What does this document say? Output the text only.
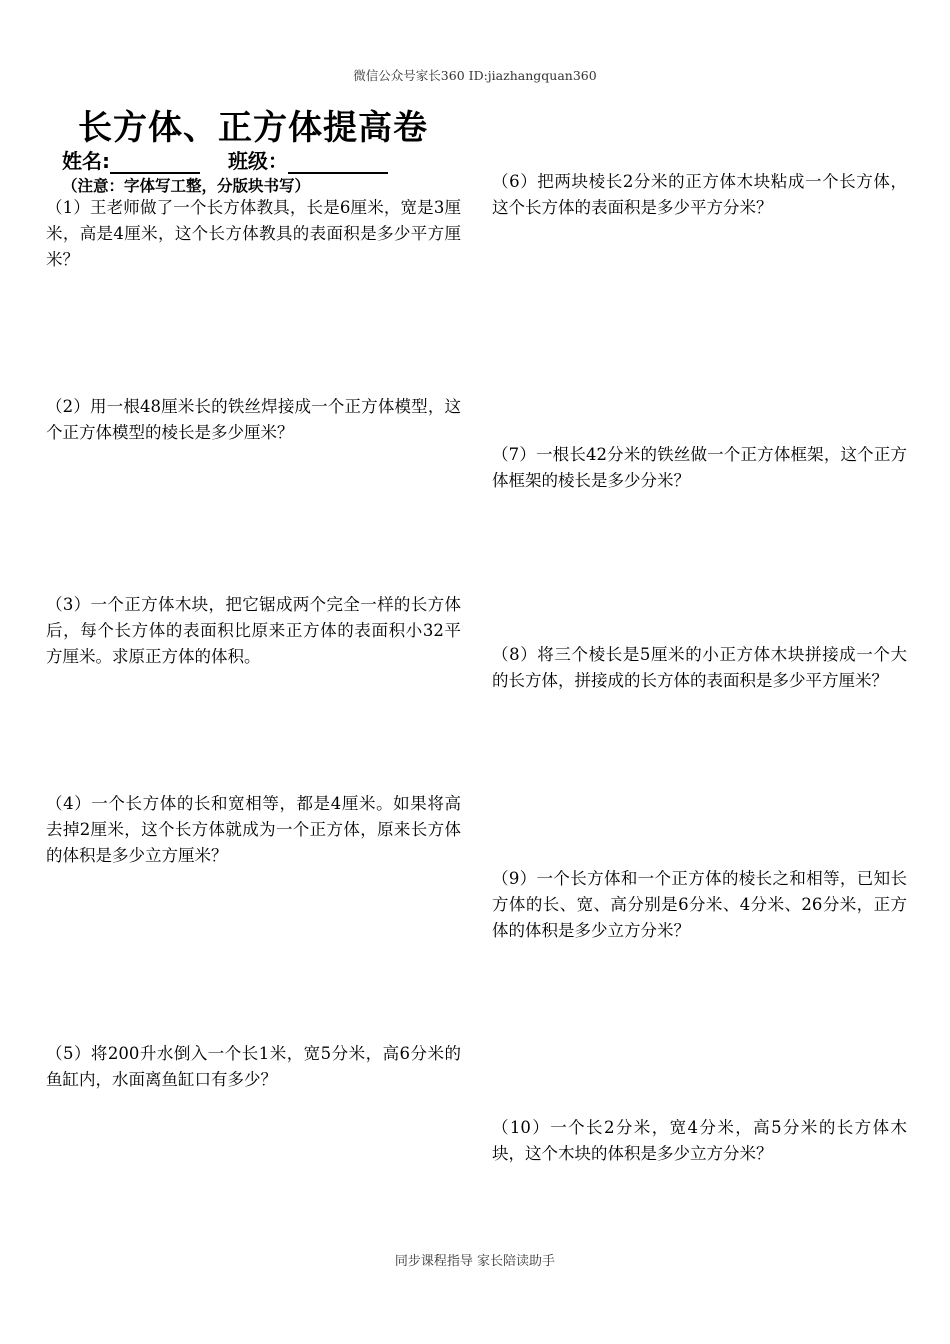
微信公众号家长360 ID:jiazhangquan360
长方体、正方体提高卷
姓名:	班级：
（注意：字体写工整，分版块书写）
（1）王老师做了一个长方体教具，长是6厘米，宽是3厘米，高是4厘米，这个长方体教具的表面积是多少平方厘米？
（2）用一根48厘米长的铁丝焊接成一个正方体模型，这个正方体模型的棱长是多少厘米？
（3）一个正方体木块，把它锯成两个完全一样的长方体后，每个长方体的表面积比原来正方体的表面积小32平方厘米。求原正方体的体积。
（4）一个长方体的长和宽相等，都是4厘米。如果将高去掉2厘米，这个长方体就成为一个正方体，原来长方体的体积是多少立方厘米？
（5）将200升水倒入一个长1米，宽5分米，高6分米的鱼缸内，水面离鱼缸口有多少？
（6）把两块棱长2分米的正方体木块粘成一个长方体，这个长方体的表面积是多少平方分米？
（7）一根长42分米的铁丝做一个正方体框架，这个正方体框架的棱长是多少分米？
（8）将三个棱长是5厘米的小正方体木块拼接成一个大的长方体，拼接成的长方体的表面积是多少平方厘米？
（9）一个长方体和一个正方体的棱长之和相等，已知长方体的长、宽、高分别是6分米、4分米、26分米，正方体的体积是多少立方分米？
（10）一个长2分米，宽4分米，高5分米的长方体木块，这个木块的体积是多少立方分米？
同步课程指导 家长陪读助手
